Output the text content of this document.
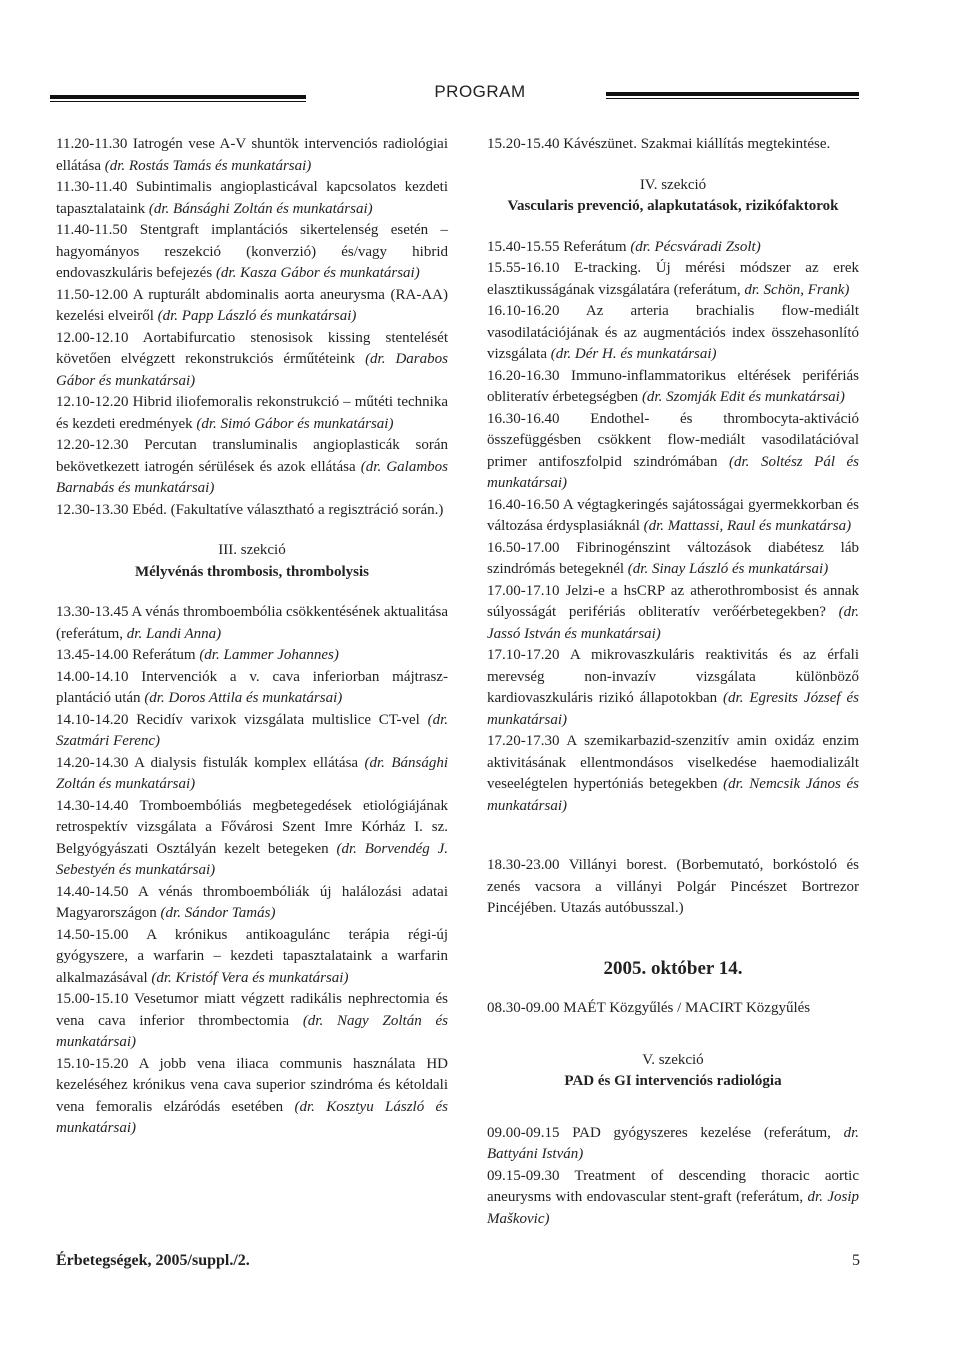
PROGRAM

11.20-11.30 Iatrogén vese A-V shuntök intervenciós radiológiai ellátása (dr. Rostás Tamás és munkatársai)

11.30-11.40 Subintimalis angioplasticával kapcsolatos kezdeti tapasztalataink (dr. Bánsághi Zoltán és munkatársai)

11.40-11.50 Stentgraft implantációs sikertelenség esetén – hagyományos reszekció (konverzió) és/vagy hibrid endovaszkuláris befejezés (dr. Kasza Gábor és munkatársai)

11.50-12.00 A rupturált abdominalis aorta aneurysma (RA-AA) kezelési elveiről (dr. Papp László és munkatársai)

12.00-12.10 Aortabifurcatio stenosisok kissing stentelését követően elvégzett rekonstrukciós érműtéteink (dr. Darabos Gábor és munkatársai)

12.10-12.20 Hibrid iliofemoralis rekonstrukció – műtéti technika és kezdeti eredmények (dr. Simó Gábor és munkatársai)

12.20-12.30 Percutan transluminalis angioplasticák során bekövetkezett iatrogén sérülések és azok ellátása (dr. Galambos Barnabás és munkatársai)

12.30-13.30 Ebéd. (Fakultatíve választható a regisztráció során.)

III. szekció
Mélyvénás thrombosis, thrombolysis

13.30-13.45 A vénás thromboembólia csökkentésének aktualitása (referátum, dr. Landi Anna)

13.45-14.00 Referátum (dr. Lammer Johannes)

14.00-14.10 Intervenciók a v. cava inferiorban májtrasz-plantáció után (dr. Doros Attila és munkatársai)

14.10-14.20 Recidív varixok vizsgálata multislice CT-vel (dr. Szatmári Ferenc)

14.20-14.30 A dialysis fistulák komplex ellátása (dr. Bánsághi Zoltán és munkatársai)

14.30-14.40 Tromboembóliás megbetegedések etiológiájának retrospektív vizsgálata a Fővárosi Szent Imre Kórház I. sz. Belgyógyászati Osztályán kezelt betegeken (dr. Borvendég J. Sebestyén és munkatársai)

14.40-14.50 A vénás thromboembóliák új halálozási adatai Magyarországon (dr. Sándor Tamás)

14.50-15.00 A krónikus antikoagulánс terápia régi-új gyógyszere, a warfarin – kezdeti tapasztalataink a warfarin alkalmazásával (dr. Kristóf Vera és munkatársai)

15.00-15.10 Vesetumor miatt végzett radikális nephrectomia és vena cava inferior thrombectomia (dr. Nagy Zoltán és munkatársai)

15.10-15.20 A jobb vena iliaca communis használata HD kezeléséhez krónikus vena cava superior szindróma és kétoldali vena femoralis elzáródás esetében (dr. Kosztyu László és munkatársai)

15.20-15.40 Kávészünet. Szakmai kiállítás megtekintése.

IV. szekció
Vascularis prevenció, alapkutatások, rizikófaktorok

15.40-15.55 Referátum (dr. Pécsváradi Zsolt)

15.55-16.10 E-tracking. Új mérési módszer az erek elasztikusságának vizsgálatára (referátum, dr. Schön, Frank)

16.10-16.20 Az arteria brachialis flow-mediált vasodilatációjának és az augmentációs index összehasonlító vizsgálata (dr. Dér H. és munkatársai)

16.20-16.30 Immuno-inflammatorikus eltérések perifériás obliteratív érbetegségben (dr. Szomják Edit és munkatársai)

16.30-16.40 Endothel- és thrombocyta-aktiváció összefüggésben csökkent flow-mediált vasodilatációval primer antifoszfolpid szindrómában (dr. Soltész Pál és munkatársai)

16.40-16.50 A végtagkeringés sajátosságai gyermekkorban és változása érdysplasiáknál (dr. Mattassi, Raul és munkatársa)

16.50-17.00 Fibrinogénszint változások diabétesz láb szindrómás betegeknél (dr. Sinay László és munkatársai)

17.00-17.10 Jelzi-e a hsCRP az atherothrombosist és annak súlyosságát perifériás obliteratív verőérbetegekben? (dr. Jassó István és munkatársai)

17.10-17.20 A mikrovaszkuláris reaktivitás és az érfali merevség non-invazív vizsgálata különböző kardiovaszkuláris rizikó állapotokban (dr. Egresits József és munkatársai)

17.20-17.30 A szemikarbazid-szenzitív amin oxidáz enzim aktivitásának ellentmondásos viselkedése haemodializált veseelégtelen hypertóniás betegekben (dr. Nemcsik János és munkatársai)

18.30-23.00 Villányi borest. (Borbemutató, borkóstoló és zenés vacsora a villányi Polgár Pincészet Bortrezor Pincéjében. Utazás autóbusszal.)

2005. október 14.

08.30-09.00 MAÉT Közgyűlés / MACIRT Közgyűlés

V. szekció
PAD és GI intervenciós radiológia

09.00-09.15 PAD gyógyszeres kezelése (referátum, dr. Battyáni István)

09.15-09.30 Treatment of descending thoracic aortic aneurysms with endovascular stent-graft (referátum, dr. Josip Maškovic)

Érbetegségek, 2005/suppl./2.	5
